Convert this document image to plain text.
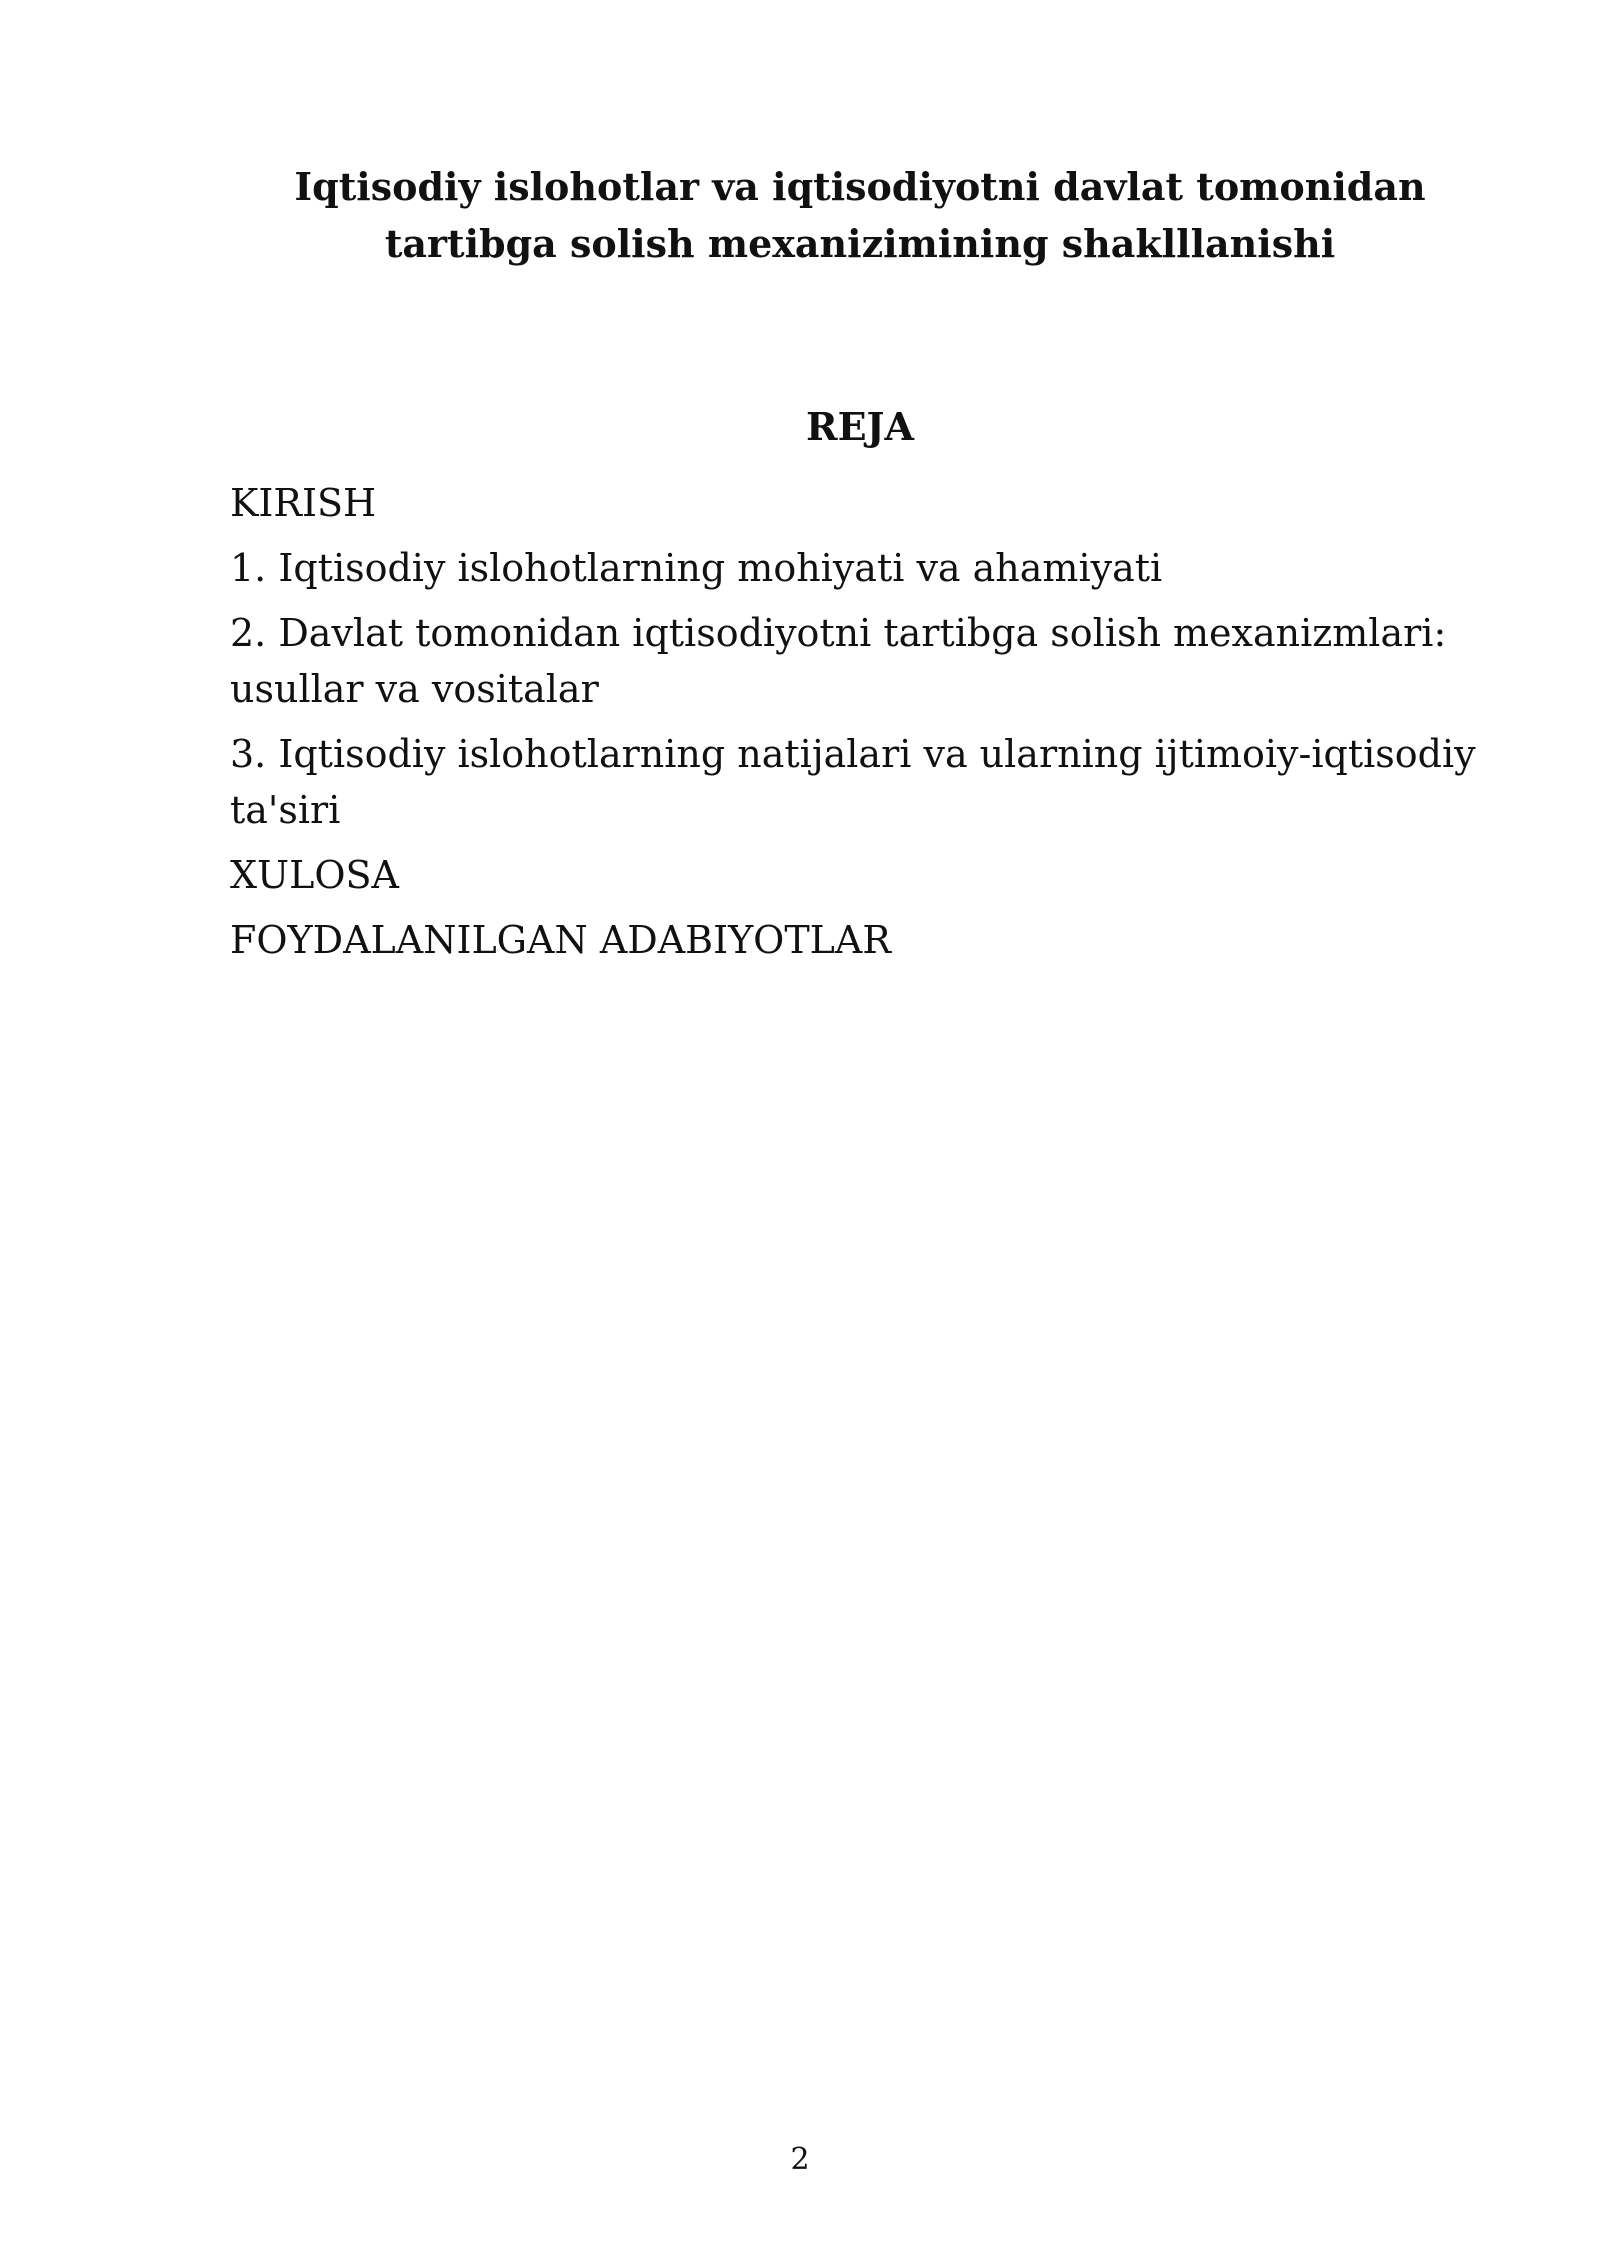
Iqtisodiy islohotlar va iqtisodiyotni davlat tomonidan
tartibga solish mexanizimining shaklllanishi
REJA
KIRISH
1. Iqtisodiy islohotlarning mohiyati va ahamiyati
2. Davlat tomonidan iqtisodiyotni tartibga solish mexanizmlari: usullar va vositalar
3. Iqtisodiy islohotlarning natijalari va ularning ijtimoiy-iqtisodiy ta'siri
XULOSA
FOYDALANILGAN ADABIYOTLAR
2
